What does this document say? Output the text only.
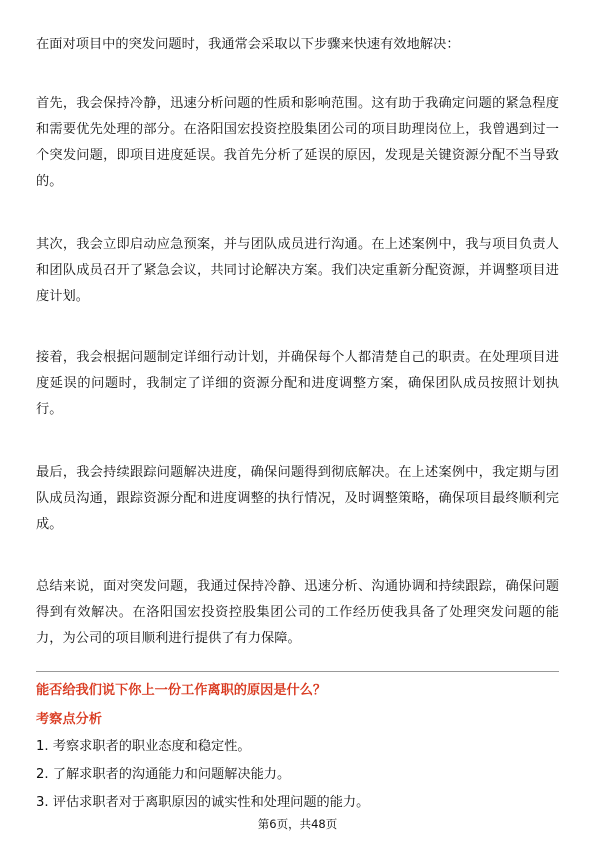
在面对项目中的突发问题时，我通常会采取以下步骤来快速有效地解决：

首先，我会保持冷静，迅速分析问题的性质和影响范围。这有助于我确定问题的紧急程度和需要优先处理的部分。在洛阳国宏投资控股集团公司的项目助理岗位上，我曾遇到过一个突发问题，即项目进度延误。我首先分析了延误的原因，发现是关键资源分配不当导致的。

其次，我会立即启动应急预案，并与团队成员进行沟通。在上述案例中，我与项目负责人和团队成员召开了紧急会议，共同讨论解决方案。我们决定重新分配资源，并调整项目进度计划。

接着，我会根据问题制定详细行动计划，并确保每个人都清楚自己的职责。在处理项目进度延误的问题时，我制定了详细的资源分配和进度调整方案，确保团队成员按照计划执行。

最后，我会持续跟踪问题解决进度，确保问题得到彻底解决。在上述案例中，我定期与团队成员沟通，跟踪资源分配和进度调整的执行情况，及时调整策略，确保项目最终顺利完成。

总结来说，面对突发问题，我通过保持冷静、迅速分析、沟通协调和持续跟踪，确保问题得到有效解决。在洛阳国宏投资控股集团公司的工作经历使我具备了处理突发问题的能力，为公司的项目顺利进行提供了有力保障。

能否给我们说下你上一份工作离职的原因是什么？

考察点分析

1. 考察求职者的职业态度和稳定性。

2. 了解求职者的沟通能力和问题解决能力。

3. 评估求职者对于离职原因的诚实性和处理问题的能力。

第6页，共48页
